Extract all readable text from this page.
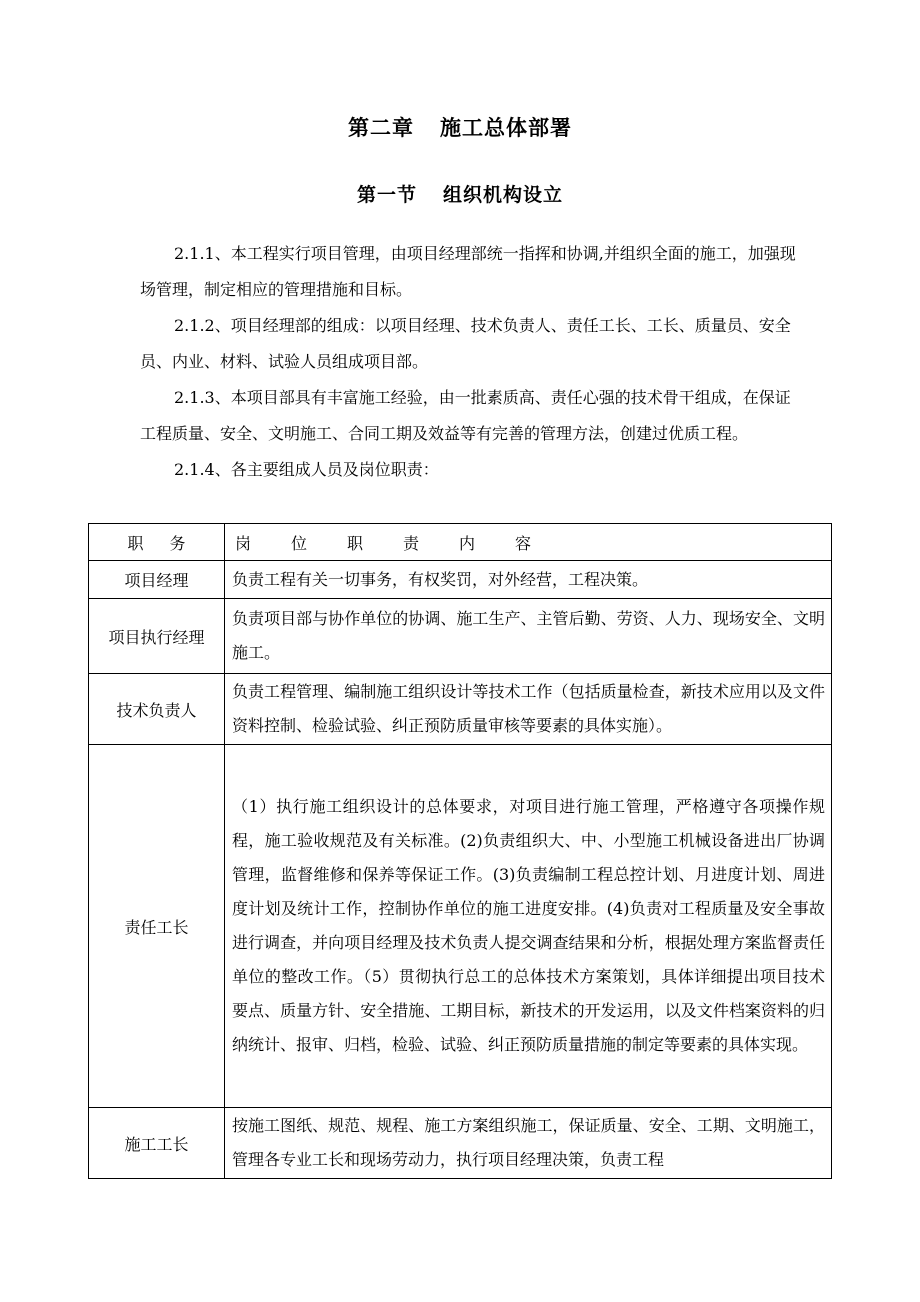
第二章 施工总体部署
第一节 组织机构设立

2.1.1、本工程实行项目管理，由项目经理部统一指挥和协调,并组织全面的施工，加强现场管理，制定相应的管理措施和目标。

2.1.2、项目经理部的组成：以项目经理、技术负责人、责任工长、工长、质量员、安全员、内业、材料、试验人员组成项目部。

2.1.3、本项目部具有丰富施工经验，由一批素质高、责任心强的技术骨干组成，在保证工程质量、安全、文明施工、合同工期及效益等有完善的管理方法，创建过优质工程。

2.1.4、各主要组成人员及岗位职责：

职务	岗位职责内容
项目经理	负责工程有关一切事务，有权奖罚，对外经营，工程决策。
项目执行经理	负责项目部与协作单位的协调、施工生产、主管后勤、劳资、人力、现场安全、文明施工。
技术负责人	负责工程管理、编制施工组织设计等技术工作（包括质量检查，新技术应用以及文件资料控制、检验试验、纠正预防质量审核等要素的具体实施）。
责任工长	（1）执行施工组织设计的总体要求，对项目进行施工管理，严格遵守各项操作规程，施工验收规范及有关标准。(2)负责组织大、中、小型施工机械设备进出厂协调管理，监督维修和保养等保证工作。(3)负责编制工程总控计划、月进度计划、周进度计划及统计工作，控制协作单位的施工进度安排。(4)负责对工程质量及安全事故进行调查，并向项目经理及技术负责人提交调查结果和分析，根据处理方案监督责任单位的整改工作。（5）贯彻执行总工的总体技术方案策划，具体详细提出项目技术要点、质量方针、安全措施、工期目标，新技术的开发运用，以及文件档案资料的归纳统计、报审、归档，检验、试验、纠正预防质量措施的制定等要素的具体实现。
施工工长	按施工图纸、规范、规程、施工方案组织施工，保证质量、安全、工期、文明施工，管理各专业工长和现场劳动力，执行项目经理决策，负责工程
